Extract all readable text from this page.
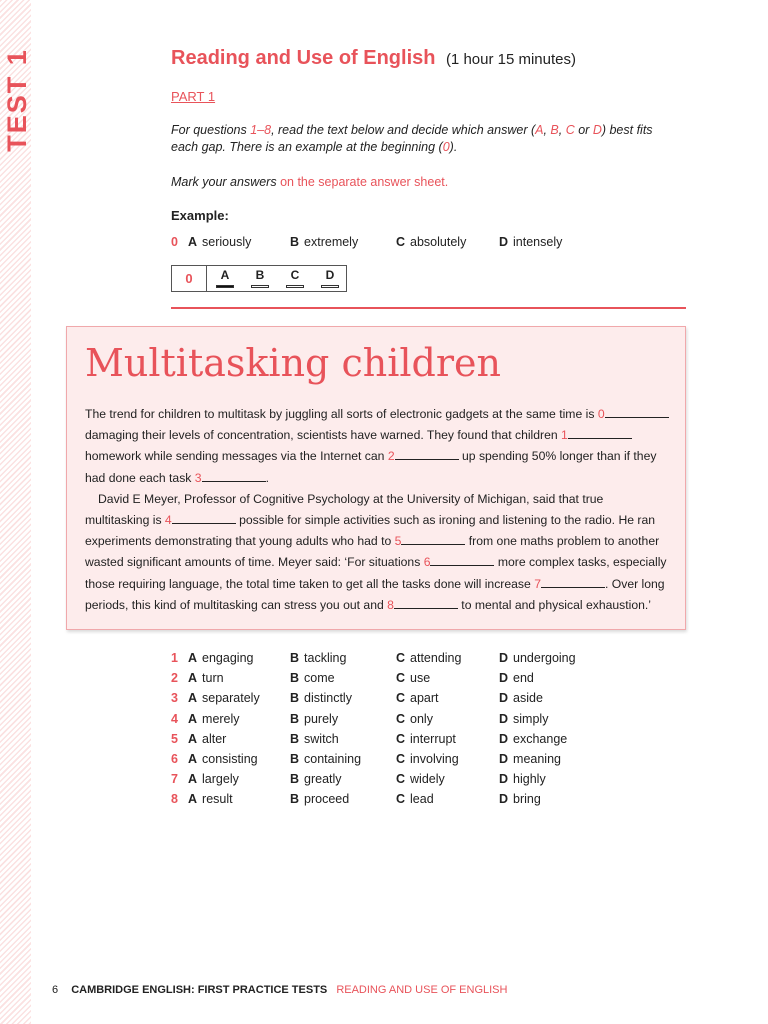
TEST 1	Reading and Use of English (1 hour 15 minutes)
PART 1
For questions 1–8, read the text below and decide which answer (A, B, C or D) best fits each gap. There is an example at the beginning (0).
Mark your answers on the separate answer sheet.
Example:
0 A seriously	B extremely	C absolutely	D intensely
0	A	B	C	D
Multitasking children
The trend for children to multitask by juggling all sorts of electronic gadgets at the same time is 0 damaging their levels of concentration, scientists have warned. They found that children 1 homework while sending messages via the Internet can 2	up spending 50% longer than if they had done each task 3	.
David E Meyer, Professor of Cognitive Psychology at the University of Michigan, said that true multitasking is 4	possible for simple activities such as ironing and listening to the radio. He ran experiments demonstrating that young adults who had to 5	from one maths problem to another wasted significant amounts of time. Meyer said: ‘For situations 6	more complex tasks, especially those requiring language, the total time taken to get all the tasks done will increase 7	. Over long periods, this kind of multitasking can stress you out and 8	to mental and physical exhaustion.’
1 A engaging	B tackling	C attending	D undergoing
2 A turn	B come	C use	D end
3 A separately B distinctly	C apart	D aside
4 A merely	B purely	C only	D simply
5 A alter	B switch	C interrupt	D exchange
6 A consisting	B containing	C involving	D meaning
7 A largely	B greatly	C widely	D highly
8 A result	B proceed	C lead	D bring
6 CAMBRIDGE ENGLISH: FIRST PRACTICE TESTS READING AND USE OF ENGLISH
